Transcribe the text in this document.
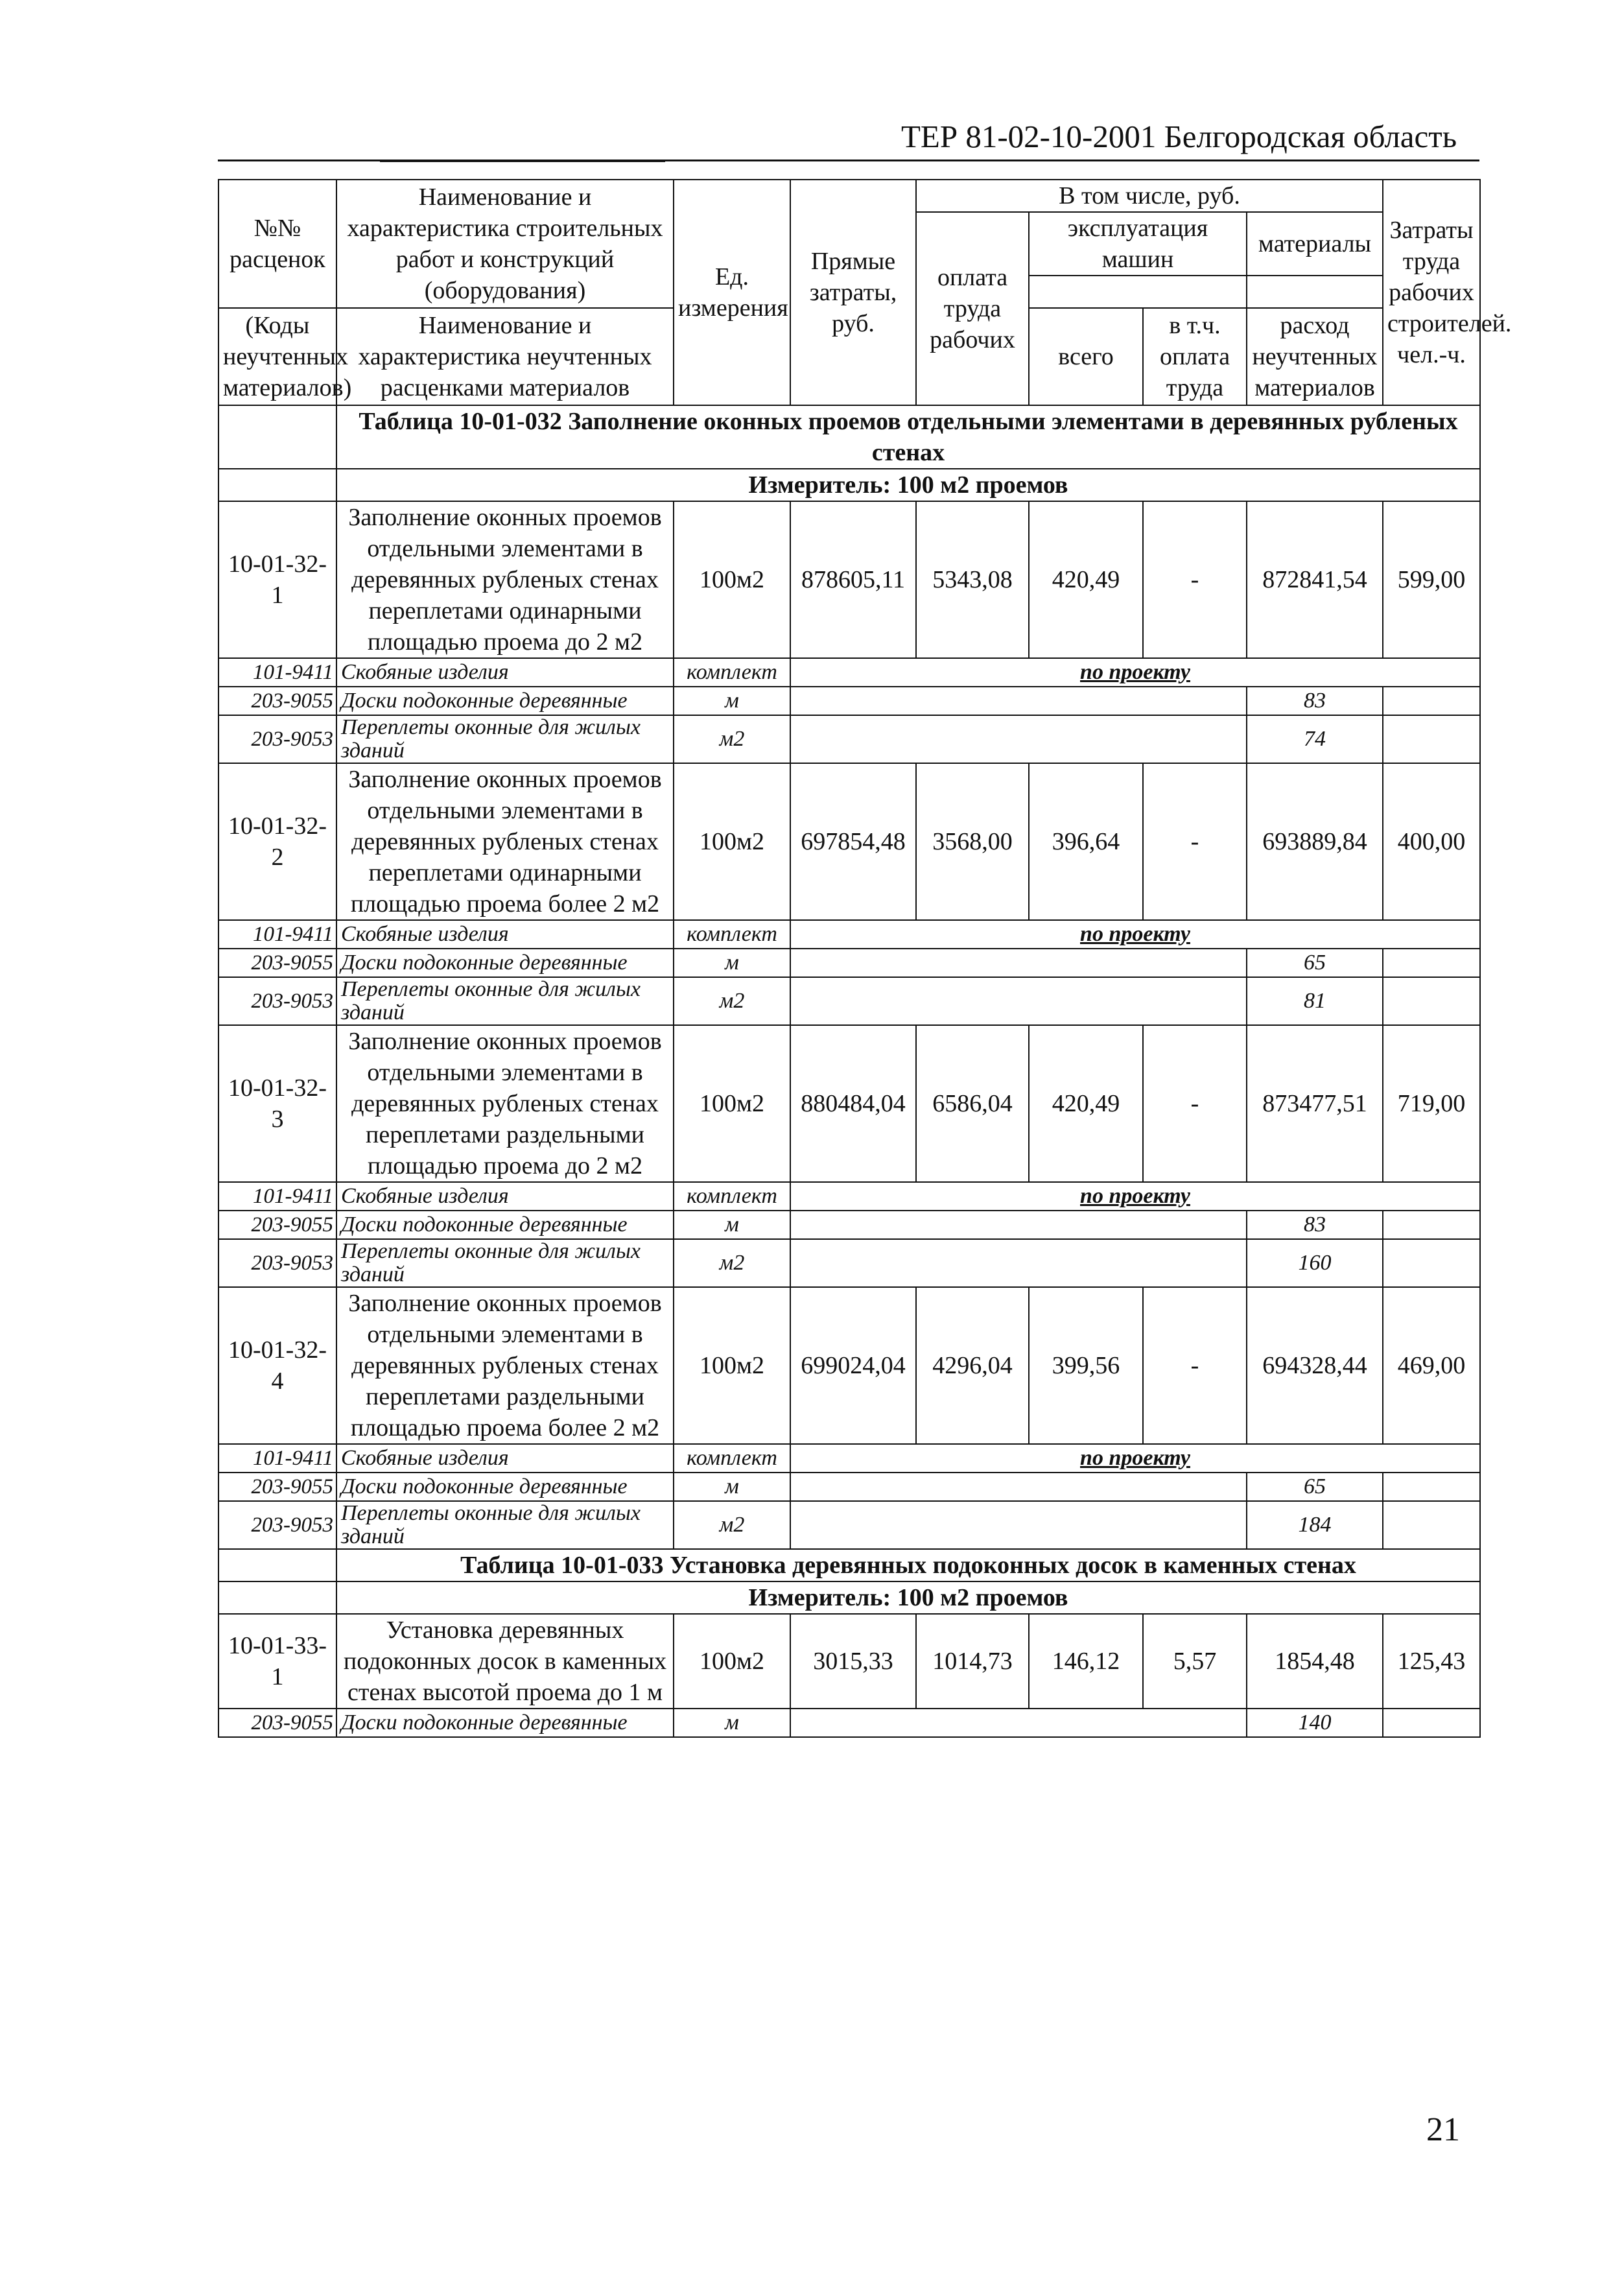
ТЕР 81-02-10-2001 Белгородская область
№№ расценок	Наименование и характеристика строительных работ и конструкций (оборудования)	Ед. измерения	Прямые затраты, руб.	В том числе, руб.				Затраты труда рабочих строителей. чел.-ч.
				оплата труда рабочих	эксплуатация машин		материалы	

(Коды неучтенных материалов)	Наименование и характеристика неучтенных расценками материалов				всего	в т.ч. оплата труда	расход неучтенных материалов	

	Таблица 10-01-032 Заполнение оконных проемов отдельными элементами в деревянных рубленых стенах							
	Измеритель: 100 м2 проемов							
10-01-32-1	Заполнение оконных проемов отдельными элементами в деревянных рубленых стенах переплетами одинарными площадью проема до 2 м2	100м2	878605,11	5343,08	420,49	-	872841,54	599,00
101-9411	Скобяные изделия	комплект	по проекту					
203-9055	Доски подоконные деревянные	м					83	
203-9053	Переплеты оконные для жилых зданий	м2					74	
10-01-32-2	Заполнение оконных проемов отдельными элементами в деревянных рубленых стенах переплетами одинарными площадью проема более 2 м2	100м2	697854,48	3568,00	396,64	-	693889,84	400,00
101-9411	Скобяные изделия	комплект	по проекту					
203-9055	Доски подоконные деревянные	м					65	
203-9053	Переплеты оконные для жилых зданий	м2					81	
10-01-32-3	Заполнение оконных проемов отдельными элементами в деревянных рубленых стенах переплетами раздельными площадью проема до 2 м2	100м2	880484,04	6586,04	420,49	-	873477,51	719,00
101-9411	Скобяные изделия	комплект	по проекту					
203-9055	Доски подоконные деревянные	м					83	
203-9053	Переплеты оконные для жилых зданий	м2					160	
10-01-32-4	Заполнение оконных проемов отдельными элементами в деревянных рубленых стенах переплетами раздельными площадью проема более 2 м2	100м2	699024,04	4296,04	399,56	-	694328,44	469,00
101-9411	Скобяные изделия	комплект	по проекту					
203-9055	Доски подоконные деревянные	м					65	
203-9053	Переплеты оконные для жилых зданий	м2					184	
	Таблица 10-01-033 Установка деревянных подоконных досок в каменных стенах							
	Измеритель: 100 м2 проемов							
10-01-33-1	Установка деревянных подоконных досок в каменных стенах высотой проема до 1 м	100м2	3015,33	1014,73	146,12	5,57	1854,48	125,43
203-9055	Доски подоконные деревянные	м					140	
21
